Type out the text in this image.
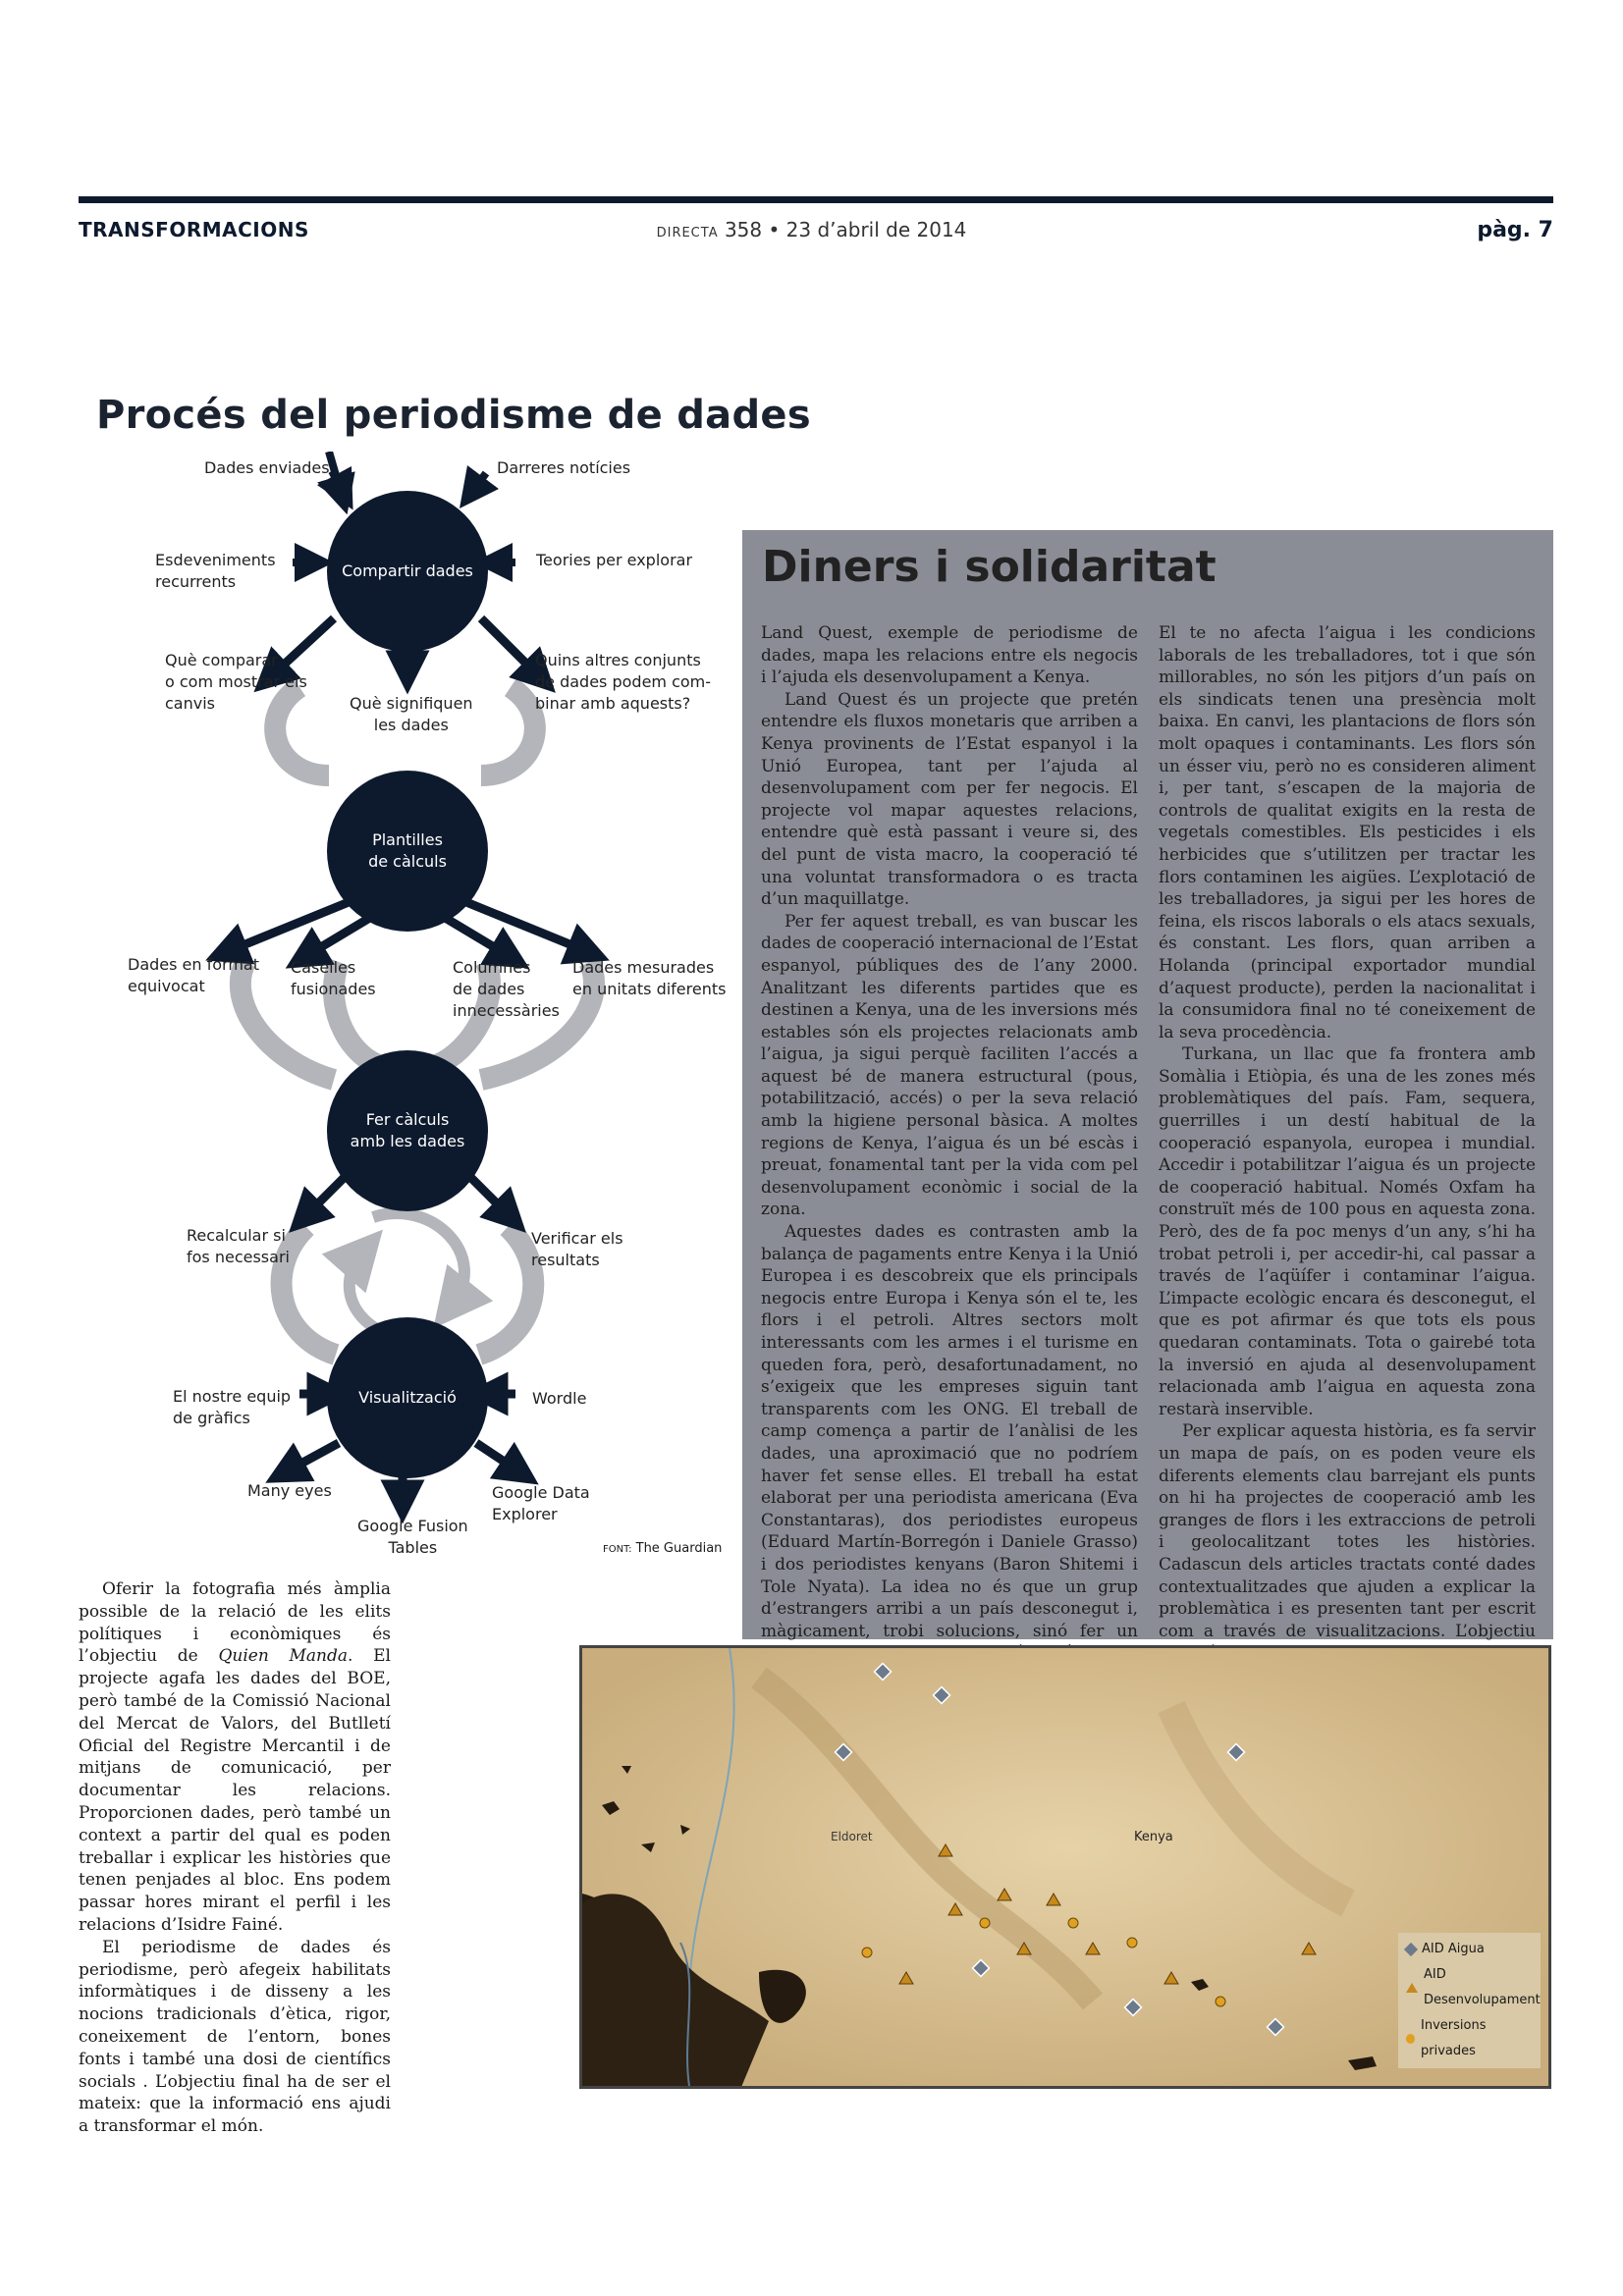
TRANSFORMACIONS	DIRECTA 358 • 23 d’abril de 2014	pàg. 7
Procés del periodisme de dades
Compartir dades
Plantilles
de càlculs
Fer càlculs
amb les dades
Visualització
Dades enviades	Darreres notícies
Esdeveniments
recurrents
Teories per explorar
Què comparar
o com mostrar els
canvis	Què signifiquen
les dades
Quins altres conjunts
de dades podem com-
binar amb aquests?
Dades en format
equivocat
Caselles
fusionades
Columnes
de dades
innecessàries
Dades mesurades
en unitats diferents
Recalcular si
fos necessari
Verificar els
resultats
El nostre equip
de gràfics
Wordle
Many eyes
Google Fusion
Tables
Google Data
Explorer
FONT: The Guardian
Diners i solidaritat

Land Quest, exemple de periodisme de dades, mapa les relacions entre els negocis i l’ajuda els desenvolupament a Kenya.

Land Quest és un projecte que pretén entendre els fluxos monetaris que arriben a Kenya provinents de l’Estat espanyol i la Unió Europea, tant per l’ajuda al desenvolupament com per fer negocis. El projecte vol mapar aquestes relacions, entendre què està passant i veure si, des del punt de vista macro, la cooperació té una voluntat transformadora o es tracta d’un maquillatge.

Per fer aquest treball, es van buscar les dades de cooperació internacional de l’Estat espanyol, públiques des de l’any 2000. Analitzant les diferents partides que es destinen a Kenya, una de les inversions més estables són els projectes relacionats amb l’aigua, ja sigui perquè faciliten l’accés a aquest bé de manera estructural (pous, potabilització, accés) o per la seva relació amb la higiene personal bàsica. A moltes regions de Kenya, l’aigua és un bé escàs i preuat, fonamental tant per la vida com pel desenvolupament econòmic i social de la zona.

Aquestes dades es contrasten amb la balança de pagaments entre Kenya i la Unió Europea i es descobreix que els principals negocis entre Europa i Kenya són el te, les flors i el petroli. Altres sectors molt interessants com les armes i el turisme en queden fora, però, desafortunadament, no s’exigeix que les empreses siguin tant transparents com les ONG. El treball de camp comença a partir de l’anàlisi de les dades, una aproximació que no podríem haver fet sense elles. El treball ha estat elaborat per una periodista americana (Eva Constantaras), dos periodistes europeus (Eduard Martín-Borregón i Daniele Grasso) i dos periodistes kenyans (Baron Shitemi i Tole Nyata). La idea no és que un grup d’estrangers arribi a un país desconegut i, màgicament, trobi solucions, sinó fer un

El te no afecta l’aigua i les condicions laborals de les treballadores, tot i que són millorables, no són les pitjors d’un país on els sindicats tenen una presència molt baixa. En canvi, les plantacions de flors són molt opaques i contaminants. Les flors són un ésser viu, però no es consideren aliment i, per tant, s’escapen de la majoria de controls de qualitat exigits en la resta de vegetals comestibles. Els pesticides i els herbicides que s’utilitzen per tractar les flors contaminen les aigües. L’explotació de les treballadores, ja sigui per les hores de feina, els riscos laborals o els atacs sexuals, és constant. Les flors, quan arriben a Holanda (principal exportador mundial d’aquest producte), perden la nacionalitat i la consumidora final no té coneixement de la seva procedència.

Turkana, un llac que fa frontera amb Somàlia i Etiòpia, és una de les zones més problemàtiques del país. Fam, sequera, guerrilles i un destí habitual de la cooperació espanyola, europea i mundial. Accedir i potabilitzar l’aigua és un projecte de cooperació habitual. Només Oxfam ha construït més de 100 pous en aquesta zona. Però, des de fa poc menys d’un any, s’hi ha trobat petroli i, per accedir-hi, cal passar a través de l’aqüífer i contaminar l’aigua. L’impacte ecològic encara és desconegut, el que es pot afirmar és que tots els pous quedaran contaminats. Tota o gairebé tota la inversió en ajuda al desenvolupament relacionada amb l’aigua en aquesta zona restarà inservible.

Per explicar aquesta història, es fa servir un mapa de país, on es poden veure els diferents elements clau barrejant els punts on hi ha projectes de cooperació amb les granges de flors i les extraccions de petroli i geolocalitzant totes les històries. Cadascun dels articles tractats conté dades contextualitzades que ajuden a explicar la problemàtica i es presenten tant per escrit com a través de visualitzacions. L’objectiu

Oferir la fotografia més àmplia possible de la relació de les elits polítiques i econòmiques és l’objectiu de Quien Manda. El projecte agafa les dades del BOE, però també de la Comissió Nacional del Mercat de Valors, del Butlletí Oficial del Registre Mercantil i de mitjans de comunicació, per documentar les relacions. Proporcionen dades, però també un context a partir del qual es poden treballar i explicar les històries que tenen penjades al bloc. Ens podem passar hores mirant el perfil i les relacions d’Isidre Fainé.

El periodisme de dades és periodisme, però afegeix habilitats informàtiques i de disseny a les nocions tradicionals d’ètica, rigor, coneixement de l’entorn, bones fonts i també una dosi de científics socials . L’objectiu final ha de ser el mateix: que la informació ens ajudi a transformar el món.

Eldoret	Kenya
AID Aigua
AID Desenvolupament
Inversions privades
